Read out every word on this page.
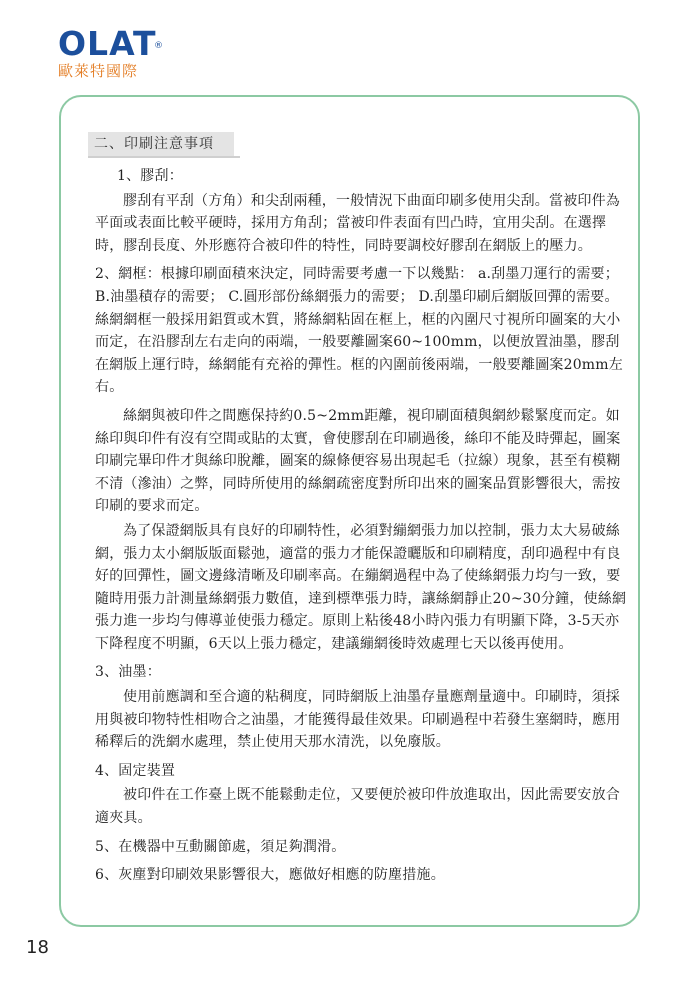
OLAT
®
歐萊特國際
二、印刷注意事項

1、膠刮：

膠刮有平刮（方角）和尖刮兩種，一般情況下曲面印刷多使用尖刮。當被印件為平面或表面比較平硬時，採用方角刮；當被印件表面有凹凸時，宜用尖刮。在選擇時，膠刮長度、外形應符合被印件的特性，同時要調校好膠刮在網版上的壓力。

2、網框：根據印刷面積來決定，同時需要考慮一下以幾點： a.刮墨刀運行的需要；B.油墨積存的需要； C.圓形部份絲網張力的需要； D.刮墨印刷后網版回彈的需要。絲網網框一般採用鋁質或木質，將絲網粘固在框上，框的內圍尺寸視所印圖案的大小而定，在沿膠刮左右走向的兩端，一般要離圖案60~100mm，以便放置油墨，膠刮在網版上運行時，絲網能有充裕的彈性。框的內圍前後兩端，一般要離圖案20mm左右。

絲網與被印件之間應保持約0.5~2mm距離，視印刷面積與網紗鬆緊度而定。如絲印與印件有沒有空間或貼的太實，會使膠刮在印刷過後，絲印不能及時彈起，圖案印刷完畢印件才與絲印脫離，圖案的線條便容易出現起毛（拉線）現象，甚至有模糊不清（滲油）之弊，同時所使用的絲網疏密度對所印出來的圖案品質影響很大，需按印刷的要求而定。

為了保證網版具有良好的印刷特性，必須對繃網張力加以控制，張力太大易破絲網，張力太小網版版面鬆弛，適當的張力才能保證曬版和印刷精度，刮印過程中有良好的回彈性，圖文邊緣清晰及印刷率高。在繃網過程中為了使絲網張力均勻一致，要隨時用張力計測量絲網張力數值，達到標準張力時，讓絲網靜止20~30分鐘，使絲網張力進一步均勻傳導並使張力穩定。原則上粘後48小時內張力有明顯下降，3-5天亦下降程度不明顯，6天以上張力穩定，建議繃網後時效處理七天以後再使用。

3、油墨：

使用前應調和至合適的粘稠度，同時網版上油墨存量應劑量適中。印刷時，須採用與被印物特性相吻合之油墨，才能獲得最佳效果。印刷過程中若發生塞網時，應用稀釋后的洗網水處理，禁止使用天那水清洗，以免廢版。

4、固定裝置

被印件在工作臺上既不能鬆動走位，又要便於被印件放進取出，因此需要安放合適夾具。

5、在機器中互動關節處，須足夠潤滑。

6、灰塵對印刷效果影響很大，應做好相應的防塵措施。

18
